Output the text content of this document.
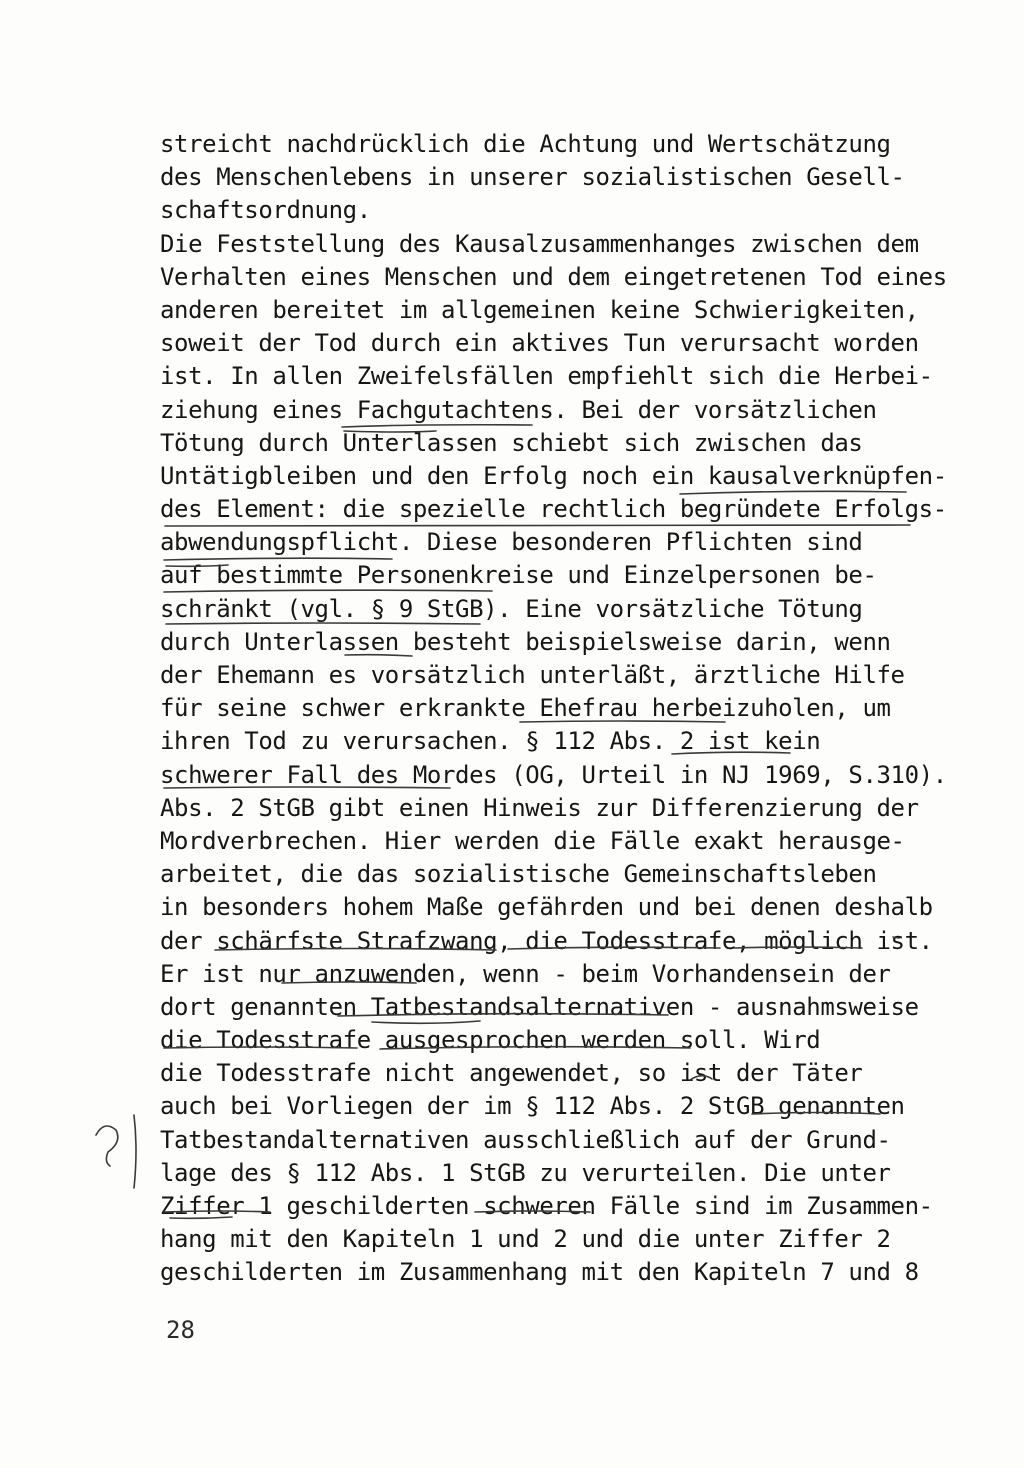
streicht nachdrücklich die Achtung und Wertschätzung
des Menschenlebens in unserer sozialistischen Gesell-
schaftsordnung.
Die Feststellung des Kausalzusammenhanges zwischen dem
Verhalten eines Menschen und dem eingetretenen Tod eines
anderen bereitet im allgemeinen keine Schwierigkeiten,
soweit der Tod durch ein aktives Tun verursacht worden
ist. In allen Zweifelsfällen empfiehlt sich die Herbei-
ziehung eines Fachgutachtens. Bei der vorsätzlichen
Tötung durch Unterlassen schiebt sich zwischen das
Untätigbleiben und den Erfolg noch ein kausalverknüpfen-
des Element: die spezielle rechtlich begründete Erfolgs-
abwendungspflicht. Diese besonderen Pflichten sind
auf bestimmte Personenkreise und Einzelpersonen be-
schränkt (vgl. § 9 StGB). Eine vorsätzliche Tötung
durch Unterlassen besteht beispielsweise darin, wenn
der Ehemann es vorsätzlich unterläßt, ärztliche Hilfe
für seine schwer erkrankte Ehefrau herbeizuholen, um
ihren Tod zu verursachen. § 112 Abs. 2 ist kein
schwerer Fall des Mordes (OG, Urteil in NJ 1969, S.310).
Abs. 2 StGB gibt einen Hinweis zur Differenzierung der
Mordverbrechen. Hier werden die Fälle exakt herausge-
arbeitet, die das sozialistische Gemeinschaftsleben
in besonders hohem Maße gefährden und bei denen deshalb
der schärfste Strafzwang, die Todesstrafe, möglich ist.
Er ist nur anzuwenden, wenn - beim Vorhandensein der
dort genannten Tatbestandsalternativen - ausnahmsweise
die Todesstrafe ausgesprochen werden soll. Wird
die Todesstrafe nicht angewendet, so ist der Täter
auch bei Vorliegen der im § 112 Abs. 2 StGB genannten
Tatbestandalternativen ausschließlich auf der Grund-
lage des § 112 Abs. 1 StGB zu verurteilen. Die unter
Ziffer 1 geschilderten schweren Fälle sind im Zusammen-
hang mit den Kapiteln 1 und 2 und die unter Ziffer 2
geschilderten im Zusammenhang mit den Kapiteln 7 und 8
28
